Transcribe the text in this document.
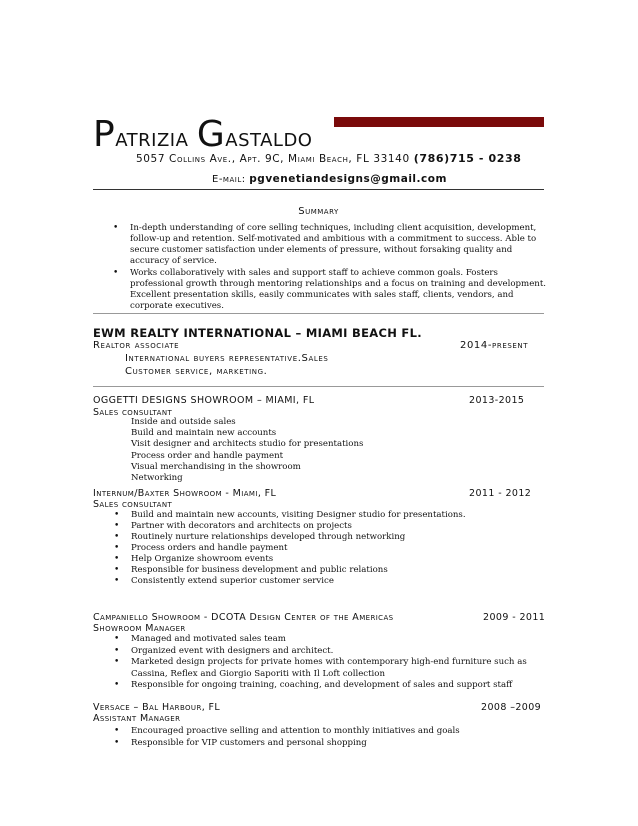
Patrizia Gastaldo
5057 Collins Ave., Apt. 9C, Miami Beach, FL 33140 (786)715 - 0238
E-mail: pgvenetiandesigns@gmail.com
Summary
• In-depth understanding of core selling techniques, including client acquisition, development, follow-up and retention. Self-motivated and ambitious with a commitment to success. Able to secure customer satisfaction under elements of pressure, without forsaking quality and accuracy of service.
• Works collaboratively with sales and support staff to achieve common goals. Fosters professional growth through mentoring relationships and a focus on training and development. Excellent presentation skills, easily communicates with sales staff, clients, vendors, and corporate executives.
EWM REALTY INTERNATIONAL – MIAMI BEACH FL.
Realtor associate	2014-present
International buyers representative.Sales
Customer service, marketing.
OGGETTI DESIGNS SHOWROOM – MIAMI, FL	2013-2015
Sales consultant
Inside and outside sales
Build and maintain new accounts
Visit designer and architects studio for presentations
Process order and handle payment
Visual merchandising in the showroom
Networking
Internum/Baxter Showroom - Miami, FL	2011 - 2012
Sales consultant
• Build and maintain new accounts, visiting Designer studio for presentations.
• Partner with decorators and architects on projects
• Routinely nurture relationships developed through networking
• Process orders and handle payment
• Help Organize showroom events
• Responsible for business development and public relations
• Consistently extend superior customer service
Campaniello Showroom - DCOTA Design Center of the Americas	2009 - 2011
Showroom Manager
• Managed and motivated sales team
• Organized event with designers and architect.
• Marketed design projects for private homes with contemporary high-end furniture such as Cassina, Reflex and Giorgio Saporiti with Il Loft collection
• Responsible for ongoing training, coaching, and development of sales and support staff
Versace – Bal Harbour, FL	2008 –2009
Assistant Manager
• Encouraged proactive selling and attention to monthly initiatives and goals
• Responsible for VIP customers and personal shopping
